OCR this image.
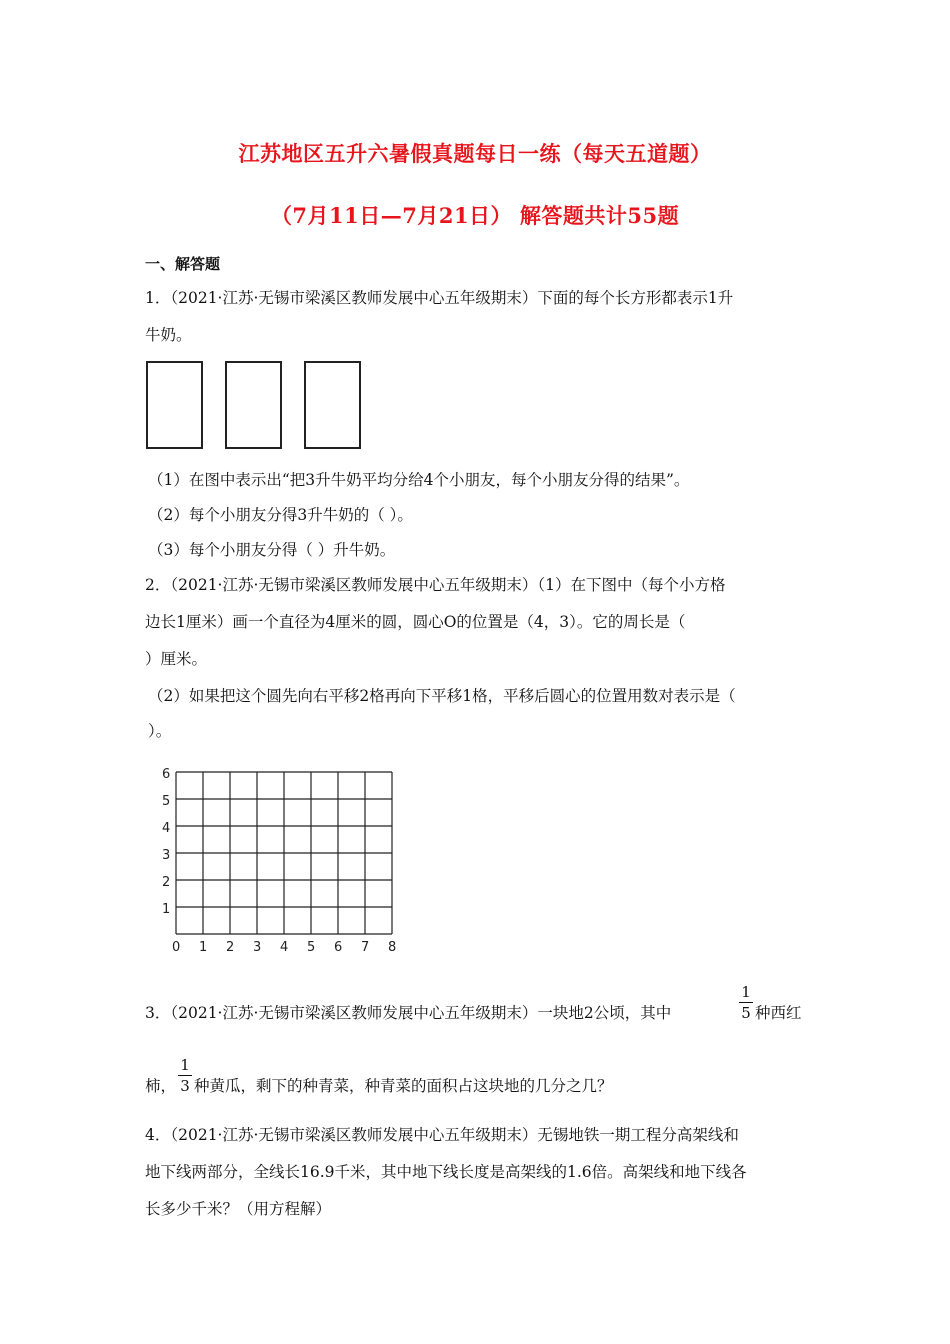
江苏地区五升六暑假真题每日一练（每天五道题）
（7月11日—7月21日） 解答题共计55题
一、解答题
1．（2021·江苏·无锡市梁溪区教师发展中心五年级期末）下面的每个长方形都表示1升
牛奶。
（1）在图中表示出“把3升牛奶平均分给4个小朋友，每个小朋友分得的结果”。
（2）每个小朋友分得3升牛奶的（ ）。
（3）每个小朋友分得（ ）升牛奶。
2．（2021·江苏·无锡市梁溪区教师发展中心五年级期末）（1）在下图中（每个小方格
边长1厘米）画一个直径为4厘米的圆，圆心O的位置是（4，3）。它的周长是（
）厘米。
（2）如果把这个圆先向右平移2格再向下平移1格，平移后圆心的位置用数对表示是（
）。
0 1 2 3 4 5 6 7 8
1
2
3
4
5
6
3．（2021·江苏·无锡市梁溪区教师发展中心五年级期末）一块地2公顷，其中
1
5 种西红
柿，
1
3 种黄瓜，剩下的种青菜，种青菜的面积占这块地的几分之几？
4．（2021·江苏·无锡市梁溪区教师发展中心五年级期末）无锡地铁一期工程分高架线和
地下线两部分，全线长16.9千米，其中地下线长度是高架线的1.6倍。高架线和地下线各
长多少千米？（用方程解）
